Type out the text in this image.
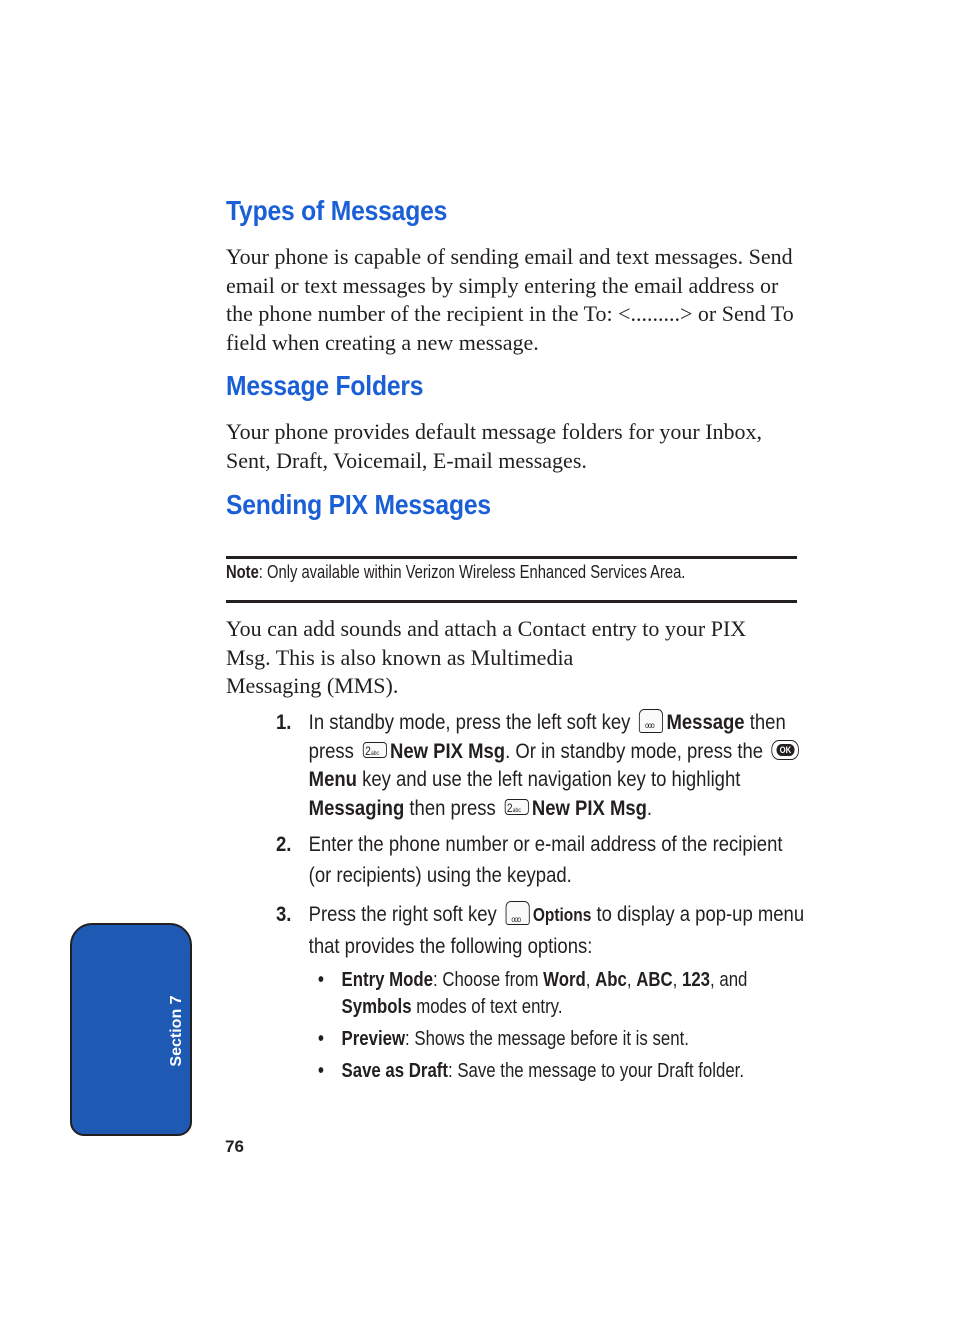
Types of Messages

Your phone is capable of sending email and text messages. Send email or text messages by simply entering the email address or the phone number of the recipient in the To: <.........> or Send To field when creating a new message.

Message Folders

Your phone provides default message folders for your Inbox, Sent, Draft, Voicemail, E-mail messages.

Sending PIX Messages
Note: Only available within Verizon Wireless Enhanced Services Area.

You can add sounds and attach a Contact entry to your PIX
Msg. This is also known as Multimedia
Messaging (MMS).

1. In standby mode, press the left soft key ooo Message then press 2abc New PIX Msg. Or in standby mode, press the OKMenu key and use the left navigation key to highlight Messaging then press 2abc New PIX Msg.
2. Enter the phone number or e-mail address of the recipient (or recipients) using the keypad.
3. Press the right soft key ooo Options to display a pop-up menu that provides the following options:
• Entry Mode: Choose from Word, Abc, ABC, 123, and Symbols modes of text entry.
• Preview: Shows the message before it is sent.
• Save as Draft: Save the message to your Draft folder.
Section 7
76
